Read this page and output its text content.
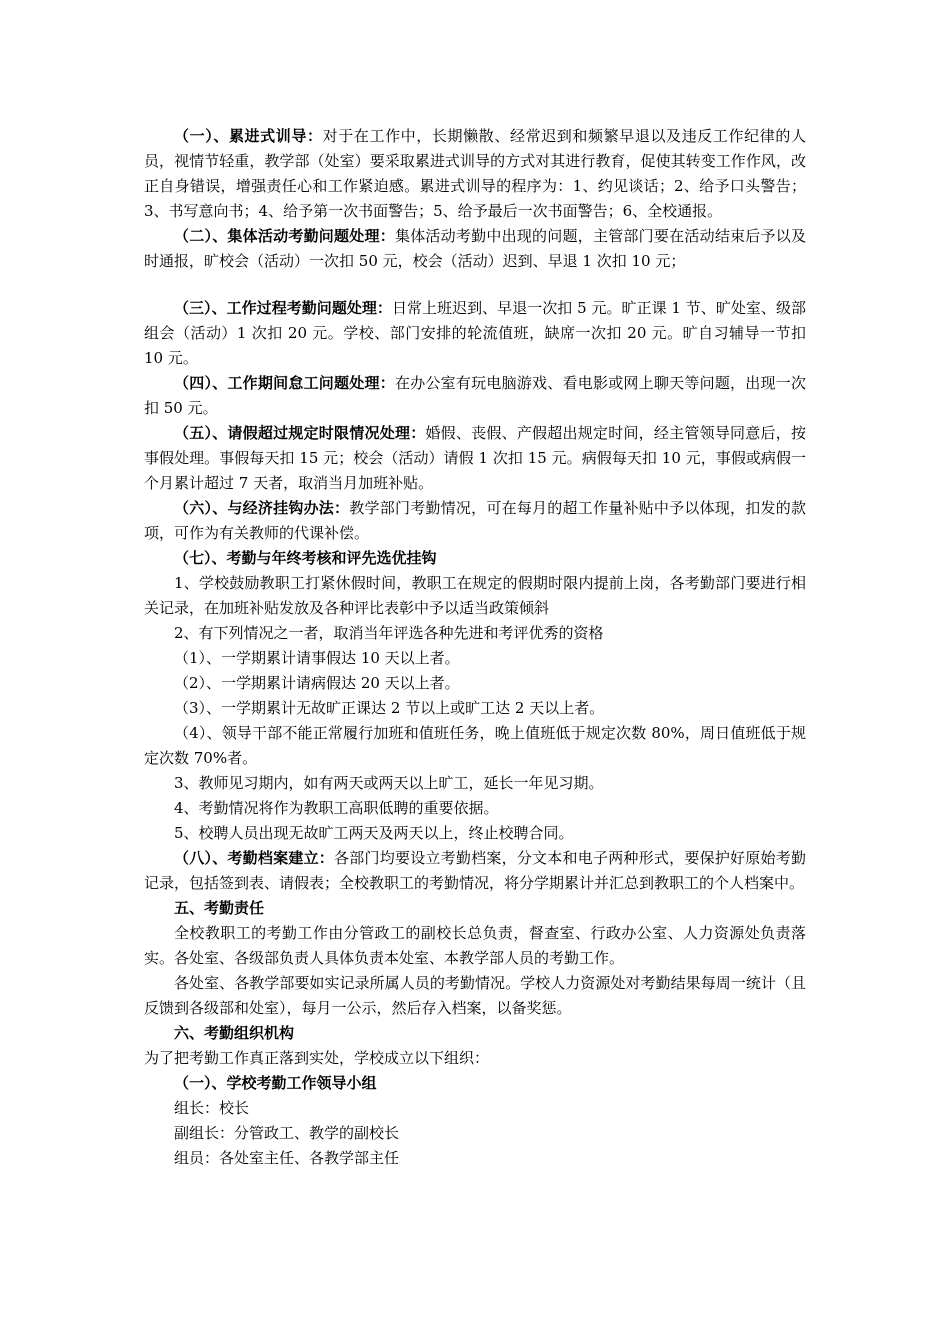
（一）、累进式训导：对于在工作中，长期懒散、经常迟到和频繁早退以及违反工作纪律的人员，视情节轻重，教学部（处室）要采取累进式训导的方式对其进行教育，促使其转变工作作风，改正自身错误，增强责任心和工作紧迫感。累进式训导的程序为：1、约见谈话；2、给予口头警告；3、书写意向书；4、给予第一次书面警告；5、给予最后一次书面警告；6、全校通报。

（二）、集体活动考勤问题处理：集体活动考勤中出现的问题，主管部门要在活动结束后予以及时通报，旷校会（活动）一次扣 50 元，校会（活动）迟到、早退 1 次扣 10 元；

（三）、工作过程考勤问题处理：日常上班迟到、早退一次扣 5 元。旷正课 1 节、旷处室、级部组会（活动）1 次扣 20 元。学校、部门安排的轮流值班，缺席一次扣 20 元。旷自习辅导一节扣 10 元。

（四）、工作期间怠工问题处理：在办公室有玩电脑游戏、看电影或网上聊天等问题，出现一次扣 50 元。

（五）、请假超过规定时限情况处理：婚假、丧假、产假超出规定时间，经主管领导同意后，按事假处理。事假每天扣 15 元；校会（活动）请假 1 次扣 15 元。病假每天扣 10 元，事假或病假一个月累计超过 7 天者，取消当月加班补贴。

（六）、与经济挂钩办法：教学部门考勤情况，可在每月的超工作量补贴中予以体现，扣发的款项，可作为有关教师的代课补偿。

（七）、考勤与年终考核和评先选优挂钩

1、学校鼓励教职工打紧休假时间，教职工在规定的假期时限内提前上岗，各考勤部门要进行相关记录，在加班补贴发放及各种评比表彰中予以适当政策倾斜

2、有下列情况之一者，取消当年评选各种先进和考评优秀的资格

（1）、一学期累计请事假达 10 天以上者。

（2）、一学期累计请病假达 20 天以上者。

（3）、一学期累计无故旷正课达 2 节以上或旷工达 2 天以上者。

（4）、领导干部不能正常履行加班和值班任务，晚上值班低于规定次数 80%，周日值班低于规定次数 70%者。

3、教师见习期内，如有两天或两天以上旷工，延长一年见习期。

4、考勤情况将作为教职工高职低聘的重要依据。

5、校聘人员出现无故旷工两天及两天以上，终止校聘合同。

（八）、考勤档案建立：各部门均要设立考勤档案，分文本和电子两种形式，要保护好原始考勤记录，包括签到表、请假表；全校教职工的考勤情况，将分学期累计并汇总到教职工的个人档案中。

五、考勤责任

全校教职工的考勤工作由分管政工的副校长总负责，督查室、行政办公室、人力资源处负责落实。各处室、各级部负责人具体负责本处室、本教学部人员的考勤工作。

各处室、各教学部要如实记录所属人员的考勤情况。学校人力资源处对考勤结果每周一统计（且反馈到各级部和处室），每月一公示，然后存入档案，以备奖惩。

六、考勤组织机构

为了把考勤工作真正落到实处，学校成立以下组织：

（一）、学校考勤工作领导小组

组长：校长

副组长：分管政工、教学的副校长

组员：各处室主任、各教学部主任
